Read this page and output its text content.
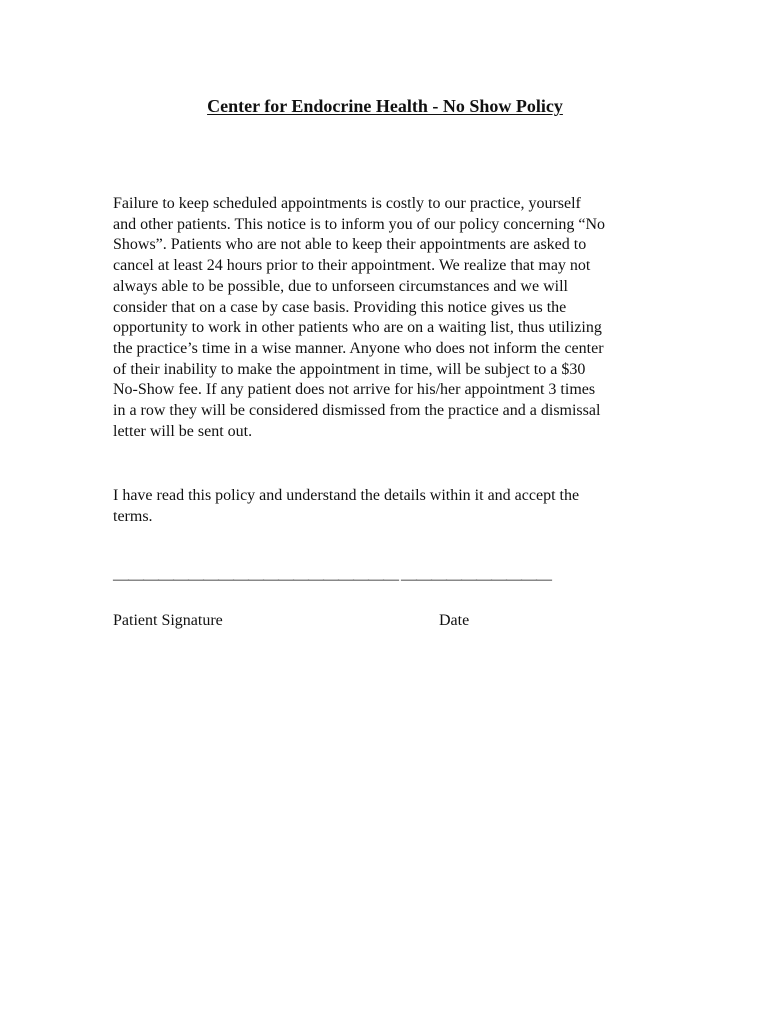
Center for Endocrine Health - No Show Policy
Failure to keep scheduled appointments is costly to our practice, yourself
and other patients. This notice is to inform you of our policy concerning “No
Shows”. Patients who are not able to keep their appointments are asked to
cancel at least 24 hours prior to their appointment. We realize that may not
always able to be possible, due to unforseen circumstances and we will
consider that on a case by case basis. Providing this notice gives us the
opportunity to work in other patients who are on a waiting list, thus utilizing
the practice’s time in a wise manner. Anyone who does not inform the center
of their inability to make the appointment in time, will be subject to a $30
No-Show fee. If any patient does not arrive for his/her appointment 3 times
in a row they will be considered dismissed from the practice and a dismissal
letter will be sent out.
I have read this policy and understand the details within it and accept the
terms.
——————————————————— ——————————
Patient Signature	Date
